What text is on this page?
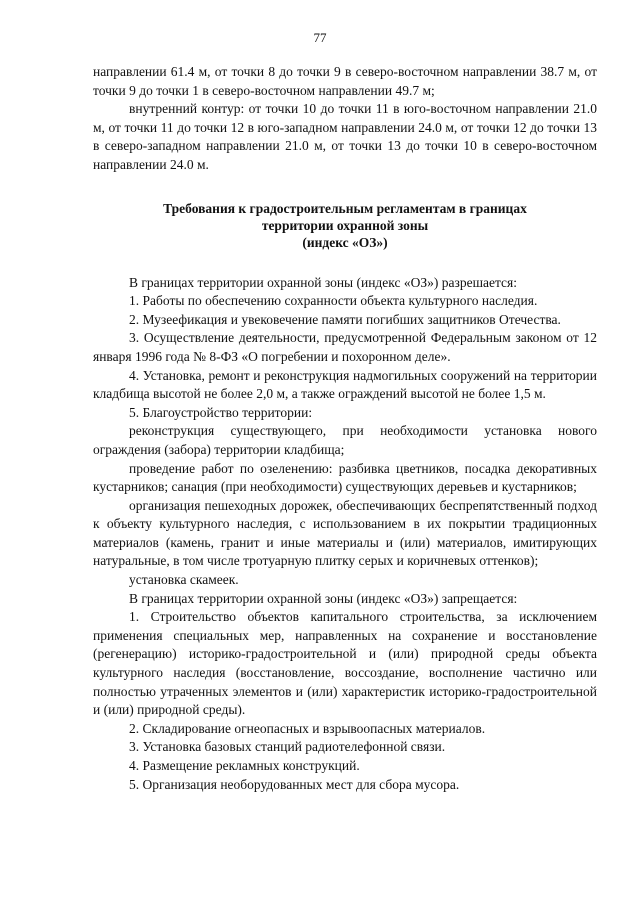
77

направлении 61.4 м, от точки 8 до точки 9 в северо-восточном направлении 38.7 м, от точки 9 до точки 1 в северо-восточном направлении 49.7 м;

внутренний контур: от точки 10 до точки 11 в юго-восточном направлении 21.0 м, от точки 11 до точки 12 в юго-западном направлении 24.0 м, от точки 12 до точки 13 в северо-западном направлении 21.0 м, от точки 13 до точки 10 в северо-восточном направлении 24.0 м.

Требования к градостроительным регламентам в границах
территории охранной зоны
(индекс «ОЗ»)

В границах территории охранной зоны (индекс «ОЗ») разрешается:

1. Работы по обеспечению сохранности объекта культурного наследия.

2. Музеефикация и увековечение памяти погибших защитников Отечества.

3. Осуществление деятельности, предусмотренной Федеральным законом от 12 января 1996 года № 8-ФЗ «О погребении и похоронном деле».

4. Установка, ремонт и реконструкция надмогильных сооружений на территории кладбища высотой не более 2,0 м, а также ограждений высотой не более 1,5 м.

5. Благоустройство территории:

реконструкция существующего, при необходимости установка нового ограждения (забора) территории кладбища;

проведение работ по озеленению: разбивка цветников, посадка декоративных кустарников; санация (при необходимости) существующих деревьев и кустарников;

организация пешеходных дорожек, обеспечивающих беспрепятственный подход к объекту культурного наследия, с использованием в их покрытии традиционных материалов (камень, гранит и иные материалы и (или) материалов, имитирующих натуральные, в том числе тротуарную плитку серых и коричневых оттенков);

установка скамеек.

В границах территории охранной зоны (индекс «ОЗ») запрещается:

1. Строительство объектов капитального строительства, за исключением применения специальных мер, направленных на сохранение и восстановление (регенерацию) историко-градостроительной и (или) природной среды объекта культурного наследия (восстановление, воссоздание, восполнение частично или полностью утраченных элементов и (или) характеристик историко-градостроительной и (или) природной среды).

2. Складирование огнеопасных и взрывоопасных материалов.

3. Установка базовых станций радиотелефонной связи.

4. Размещение рекламных конструкций.

5. Организация необорудованных мест для сбора мусора.
